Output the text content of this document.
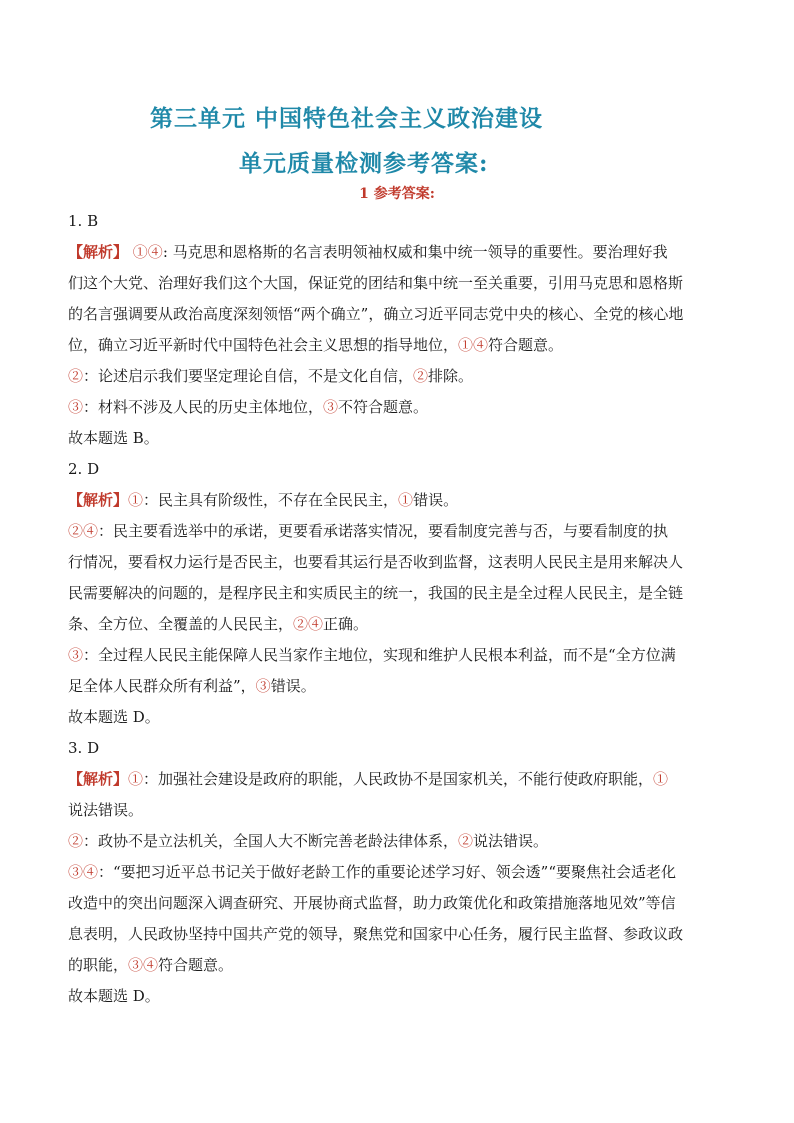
第三单元 中国特色社会主义政治建设
单元质量检测参考答案:
1 参考答案:
1. B
【解析】 ①④: 马克思和恩格斯的名言表明领袖权威和集中统一领导的重要性。要治理好我
们这个大党、治理好我们这个大国，保证党的团结和集中统一至关重要，引用马克思和恩格斯
的名言强调要从政治高度深刻领悟“两个确立”，确立习近平同志党中央的核心、全党的核心地
位，确立习近平新时代中国特色社会主义思想的指导地位，①④符合题意。
②：论述启示我们要坚定理论自信，不是文化自信，②排除。
③：材料不涉及人民的历史主体地位，③不符合题意。
故本题选 B。
2. D
【解析】①：民主具有阶级性，不存在全民民主，①错误。
②④：民主要看选举中的承诺，更要看承诺落实情况，要看制度完善与否，与要看制度的执
行情况，要看权力运行是否民主，也要看其运行是否收到监督，这表明人民民主是用来解决人
民需要解决的问题的，是程序民主和实质民主的统一，我国的民主是全过程人民民主，是全链
条、全方位、全覆盖的人民民主，②④正确。
③：全过程人民民主能保障人民当家作主地位，实现和维护人民根本利益，而不是“全方位满
足全体人民群众所有利益”，③错误。
故本题选 D。
3. D
【解析】①：加强社会建设是政府的职能，人民政协不是国家机关，不能行使政府职能，①
说法错误。
②：政协不是立法机关，全国人大不断完善老龄法律体系，②说法错误。
③④：“要把习近平总书记关于做好老龄工作的重要论述学习好、领会透”“要聚焦社会适老化
改造中的突出问题深入调查研究、开展协商式监督，助力政策优化和政策措施落地见效”等信
息表明，人民政协坚持中国共产党的领导，聚焦党和国家中心任务，履行民主监督、参政议政
的职能，③④符合题意。
故本题选 D。
